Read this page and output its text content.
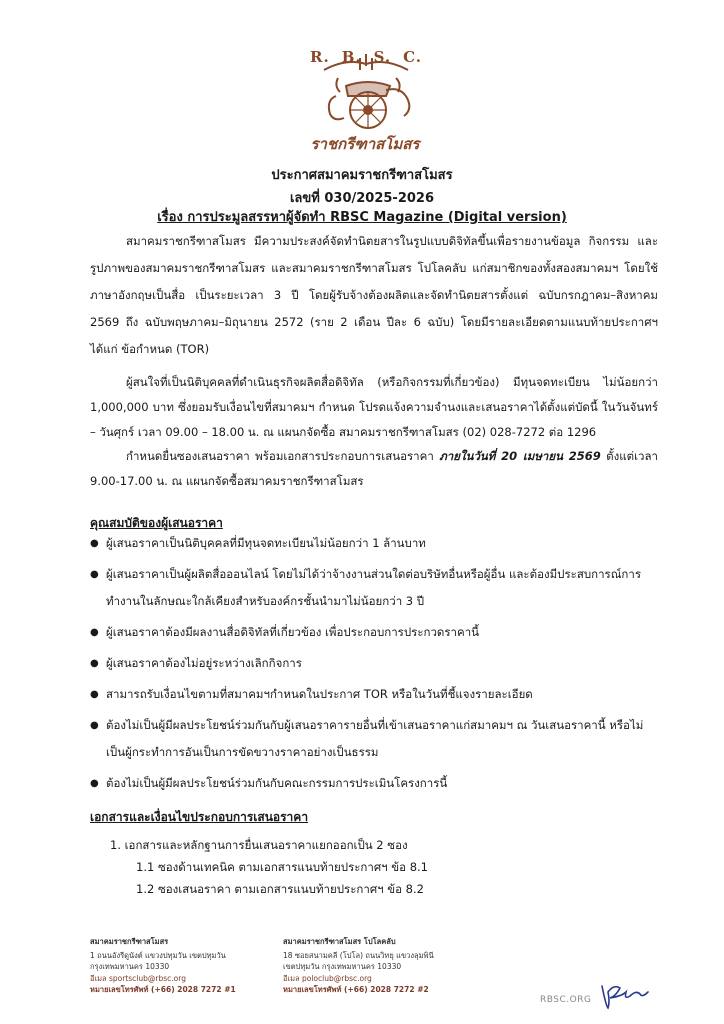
R. B. S. C.
ราชกรีฑาสโมสร
ประกาศสมาคมราชกรีฑาสโมสร
เลขที่ 030/2025-2026
เรื่อง การประมูลสรรหาผู้จัดทำ RBSC Magazine (Digital version)
สมาคมราชกรีฑาสโมสร มีความประสงค์จัดทำนิตยสารในรูปแบบดิจิทัลขึ้นเพื่อรายงานข้อมูล กิจกรรม และรูปภาพของสมาคมราชกรีฑาสโมสร และสมาคมราชกรีฑาสโมสร โปโลคลับ แก่สมาชิกของทั้งสองสมาคมฯ โดยใช้ภาษาอังกฤษเป็นสื่อ เป็นระยะเวลา 3 ปี โดยผู้รับจ้างต้องผลิตและจัดทำนิตยสารตั้งแต่ ฉบับกรกฎาคม–สิงหาคม 2569 ถึง ฉบับพฤษภาคม–มิถุนายน 2572 (ราย 2 เดือน ปีละ 6 ฉบับ) โดยมีรายละเอียดตามแนบท้ายประกาศฯ ได้แก่ ข้อกำหนด (TOR)
ผู้สนใจที่เป็นนิติบุคคลที่ดำเนินธุรกิจผลิตสื่อดิจิทัล (หรือกิจกรรมที่เกี่ยวข้อง) มีทุนจดทะเบียน ไม่น้อยกว่า 1,000,000 บาท ซึ่งยอมรับเงื่อนไขที่สมาคมฯ กำหนด โปรดแจ้งความจำนงและเสนอราคาได้ตั้งแต่บัดนี้ ในวันจันทร์ – วันศุกร์ เวลา 09.00 – 18.00 น. ณ แผนกจัดซื้อ สมาคมราชกรีฑาสโมสร (02) 028-7272 ต่อ 1296
กำหนดยื่นซองเสนอราคา พร้อมเอกสารประกอบการเสนอราคา ภายในวันที่ 20 เมษายน 2569 ตั้งแต่เวลา 9.00-17.00 น. ณ แผนกจัดซื้อสมาคมราชกรีฑาสโมสร
คุณสมบัติของผู้เสนอราคา
● ผู้เสนอราคาเป็นนิติบุคคลที่มีทุนจดทะเบียนไม่น้อยกว่า 1 ล้านบาท
● ผู้เสนอราคาเป็นผู้ผลิตสื่อออนไลน์ โดยไม่ได้ว่าจ้างงานส่วนใดต่อบริษัทอื่นหรือผู้อื่น และต้องมีประสบการณ์การทำงานในลักษณะใกล้เคียงสำหรับองค์กรชั้นนำมาไม่น้อยกว่า 3 ปี
● ผู้เสนอราคาต้องมีผลงานสื่อดิจิทัลที่เกี่ยวข้อง เพื่อประกอบการประกวดราคานี้
● ผู้เสนอราคาต้องไม่อยู่ระหว่างเลิกกิจการ
● สามารถรับเงื่อนไขตามที่สมาคมฯกำหนดในประกาศ TOR หรือในวันที่ชี้แจงรายละเอียด
● ต้องไม่เป็นผู้มีผลประโยชน์ร่วมกันกับผู้เสนอราคารายอื่นที่เข้าเสนอราคาแก่สมาคมฯ ณ วันเสนอราคานี้ หรือไม่เป็นผู้กระทำการอันเป็นการขัดขวางราคาอย่างเป็นธรรม
● ต้องไม่เป็นผู้มีผลประโยชน์ร่วมกันกับคณะกรรมการประเมินโครงการนี้
เอกสารและเงื่อนไขประกอบการเสนอราคา
1. เอกสารและหลักฐานการยื่นเสนอราคาแยกออกเป็น 2 ซอง
1.1 ซองด้านเทคนิค ตามเอกสารแนบท้ายประกาศฯ ข้อ 8.1
1.2 ซองเสนอราคา ตามเอกสารแนบท้ายประกาศฯ ข้อ 8.2
สมาคมราชกรีฑาสโมสร
1 ถนนอังรีดูนังต์ แขวงปทุมวัน เขตปทุมวัน
กรุงเทพมหานคร 10330
อีเมล sportsclub@rbsc.org
หมายเลขโทรศัพท์ (+66) 2028 7272 #1
สมาคมราชกรีฑาสโมสร โปโลคลับ
18 ซอยสนามคลี (โปโล) ถนนวิทยุ แขวงลุมพินี
เขตปทุมวัน กรุงเทพมหานคร 10330
อีเมล poloclub@rbsc.org
หมายเลขโทรศัพท์ (+66) 2028 7272 #2
RBSC.ORG
